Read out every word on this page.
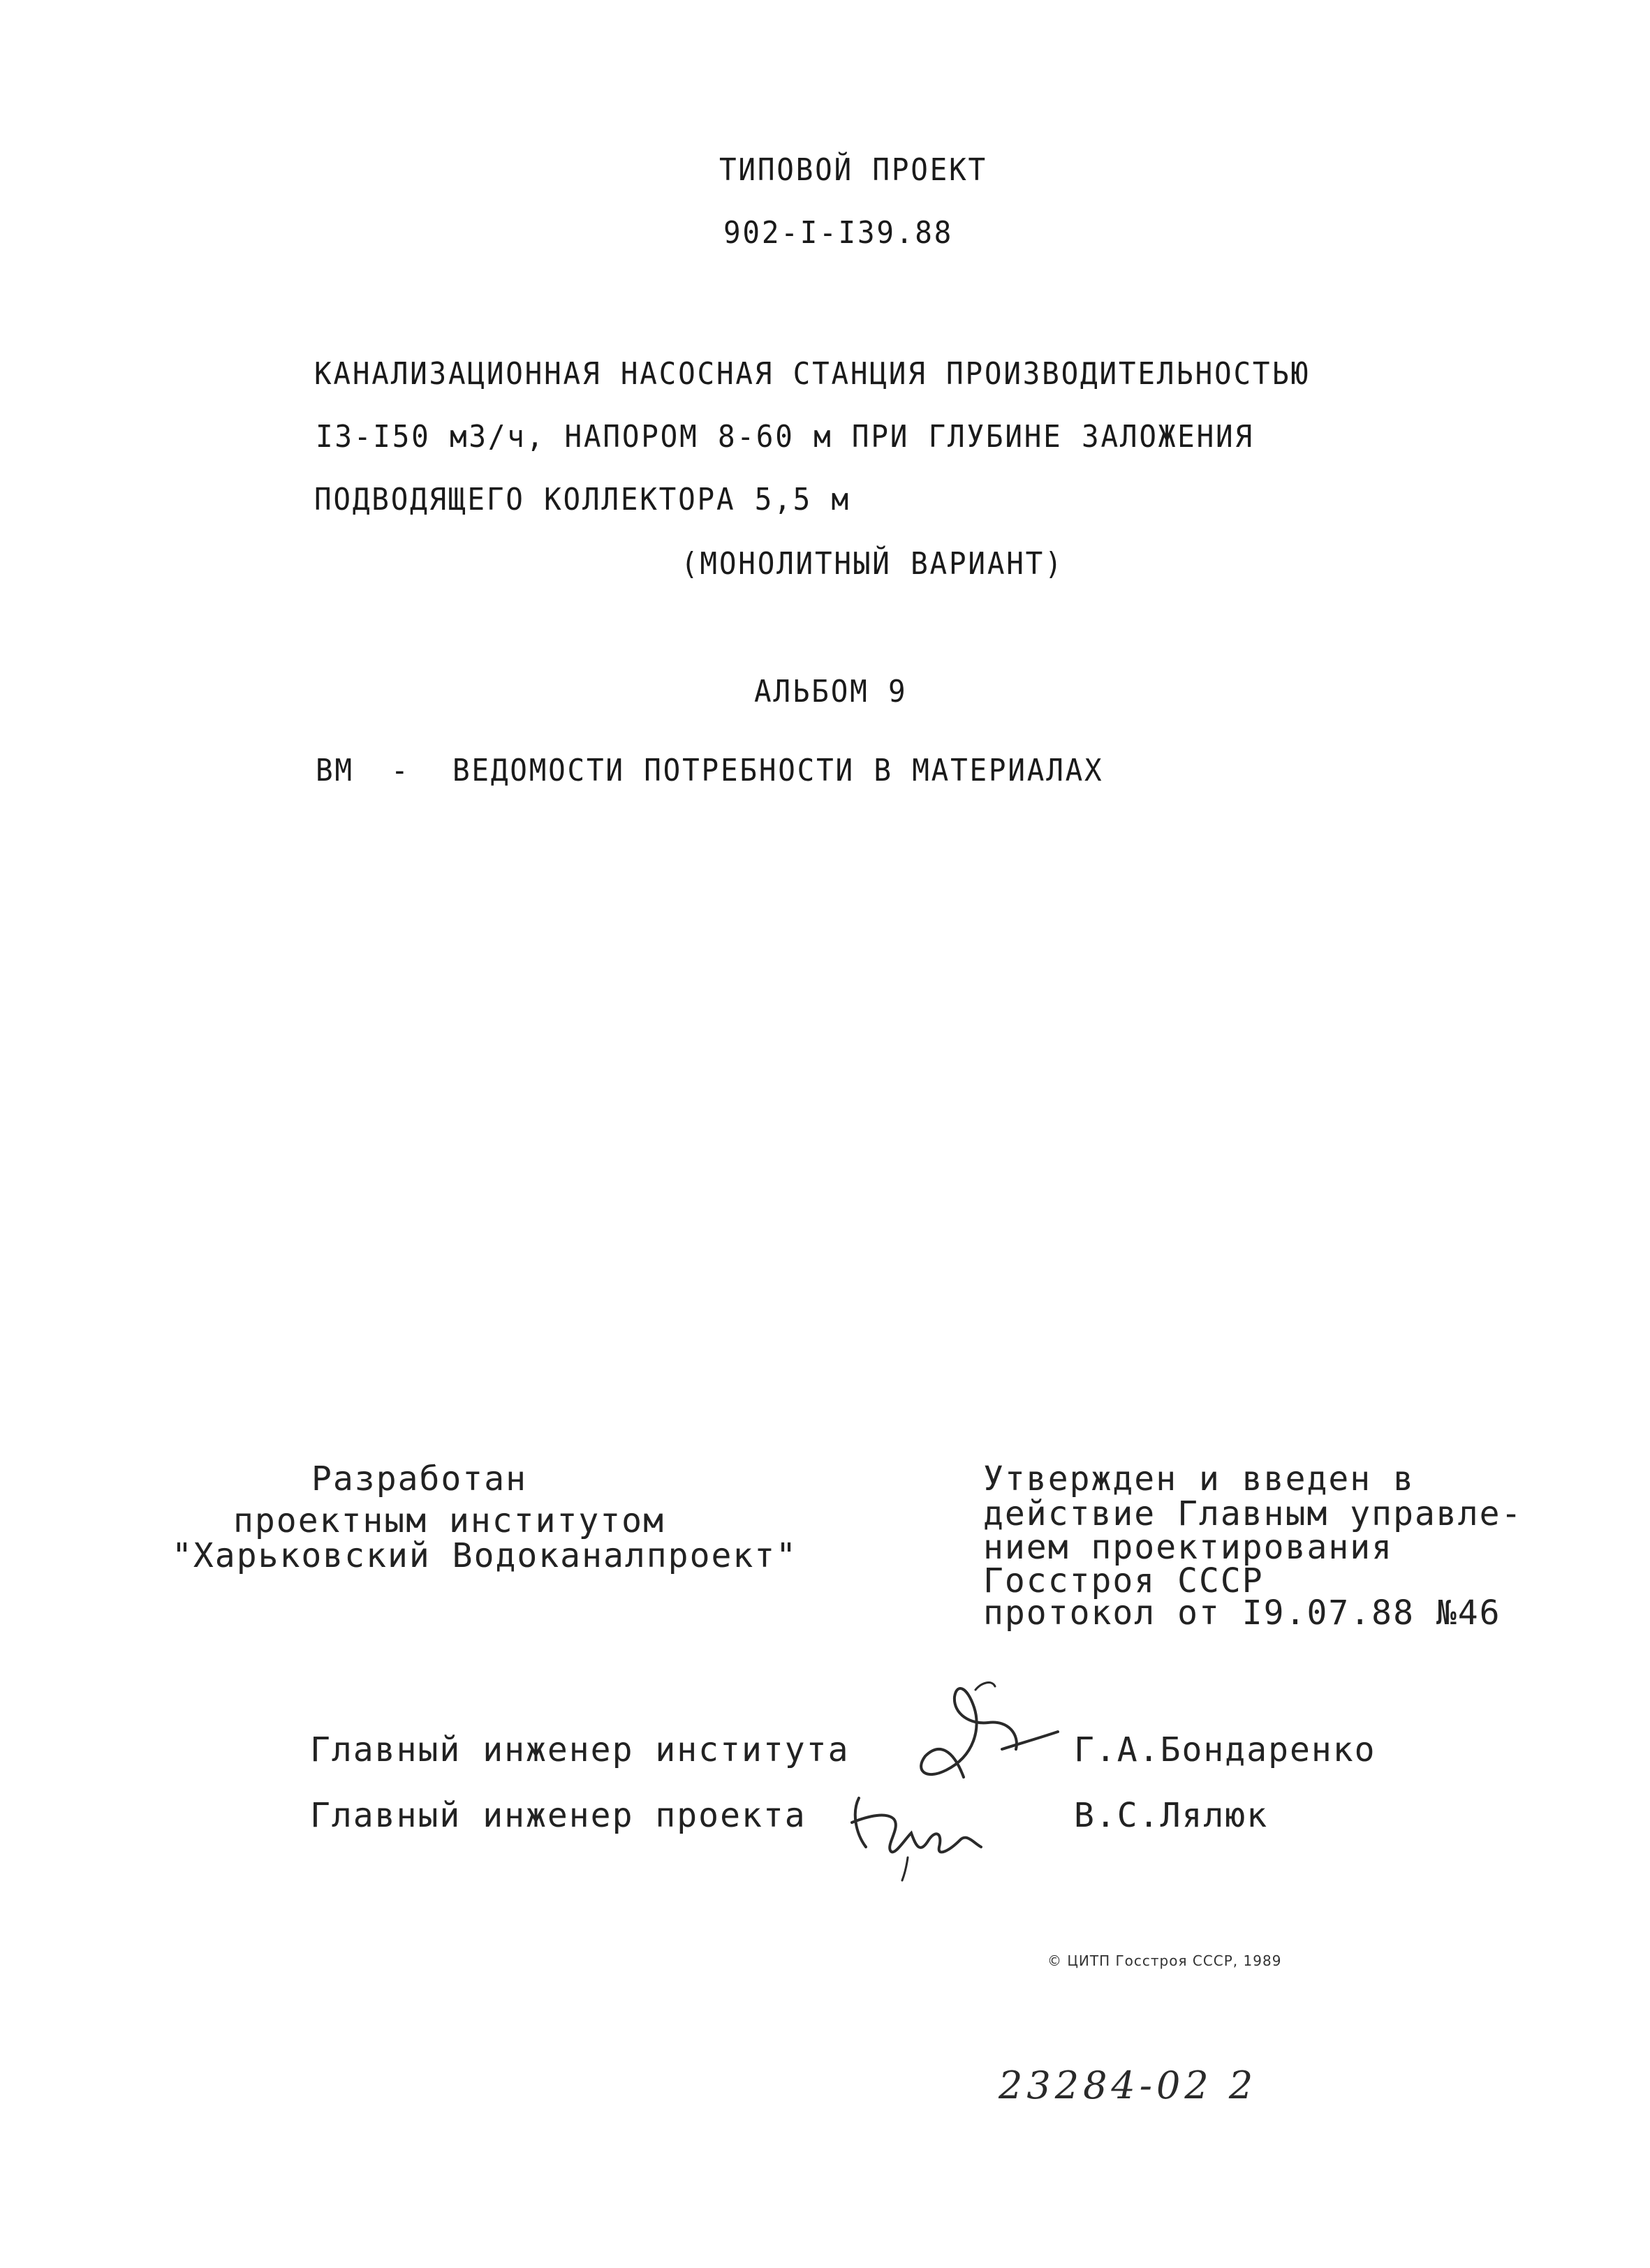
ТИПОВОЙ ПРОЕКТ
902-I-I39.88
КАНАЛИЗАЦИОННАЯ НАСОСНАЯ СТАНЦИЯ ПРОИЗВОДИТЕЛЬНОСТЬЮ
I3-I50 м3/ч, НАПОРОМ 8-60 м ПРИ ГЛУБИНЕ ЗАЛОЖЕНИЯ
ПОДВОДЯЩЕГО КОЛЛЕКТОРА 5,5 м
(МОНОЛИТНЫЙ ВАРИАНТ)
АЛЬБОМ 9
ВМ - ВЕДОМОСТИ ПОТРЕБНОСТИ В МАТЕРИАЛАХ
Разработан
проектным институтом
"Харьковский Водоканалпроект"
Утвержден и введен в
действие Главным управле-
нием проектирования
Госстроя СССР
протокол от I9.07.88 №46
Главный инженер института	Г.А.Бондаренко
Главный инженер проекта	В.С.Лялюк
© ЦИТП Госстроя СССР, 1989
23284-02 2
